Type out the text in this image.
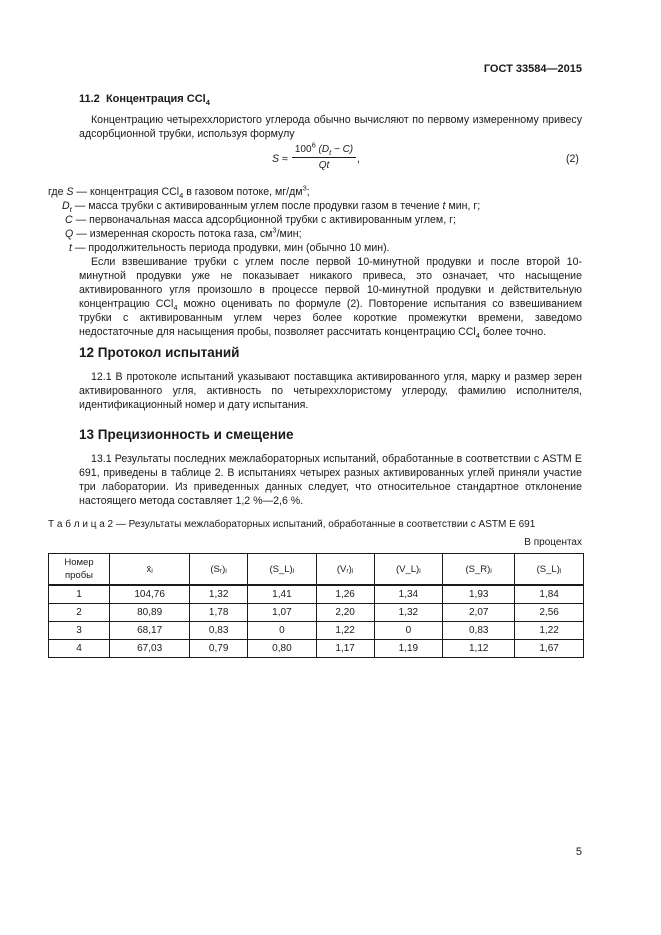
ГОСТ 33584—2015
11.2 Концентрация CCl$_4$
Концентрацию четыреххлористого углерода обычно вычисляют по первому измеренному привесу адсорбционной трубки, используя формулу
S ≈
$100^6$ $(D_t - C)$
Qt
,	(2)
где S — концентрация CCl$_4$ в газовом потоке, $мг/дм^3$;
$D_t$ — масса трубки с активированным углем после продувки газом в течение t мин, г;
C — первоначальная масса адсорбционной трубки с активированным углем, г;
Q — измеренная скорость потока газа, $см^3$/мин;
t — продолжительность периода продувки, мин (обычно 10 мин).
Если взвешивание трубки с углем после первой 10-минутной продувки и после второй 10-минутной продувки уже не показывает никакого привеса, это означает, что насыщение активированного угля произошло в процессе первой 10-минутной продувки и действительную концентрацию CCl$_4$ можно оценивать по формуле (2). Повторение испытания со взвешиванием трубки с активированным углем через более короткие промежутки времени, заведомо недостаточные для насыщения пробы, позволяет рассчитать концентрацию CCl$_4$ более точно.
12 Протокол испытаний
12.1 В протоколе испытаний указывают поставщика активированного угля, марку и размер зерен активированного угля, активность по четыреххлористому углероду, фамилию исполнителя, идентификационный номер и дату испытания.
13 Прецизионность и смещение
13.1 Результаты последних межлабораторных испытаний, обработанные в соответствии с ASTM E 691, приведены в таблице 2. В испытаниях четырех разных активированных углей приняли участие три лаборатории. Из приведенных данных следует, что относительное стандартное отклонение настоящего метода составляет 1,2 %—2,6 %.
Т а б л и ц а 2 — Результаты межлабораторных испытаний, обработанные в соответствии с ASTM E 691
В процентах
Номер пробы	x̄ⱼ	(Sᵣ)ⱼ	(S_L)ⱼ	(Vᵣ)ⱼ	(V_L)ⱼ	(S_R)ⱼ	(S_L)ⱼ
1	104,76	1,32	1,41	1,26	1,34	1,93	1,84
2	80,89	1,78	1,07	2,20	1,32	2,07	2,56
3	68,17	0,83	0	1,22	0	0,83	1,22
4	67,03	0,79	0,80	1,17	1,19	1,12	1,67
5
